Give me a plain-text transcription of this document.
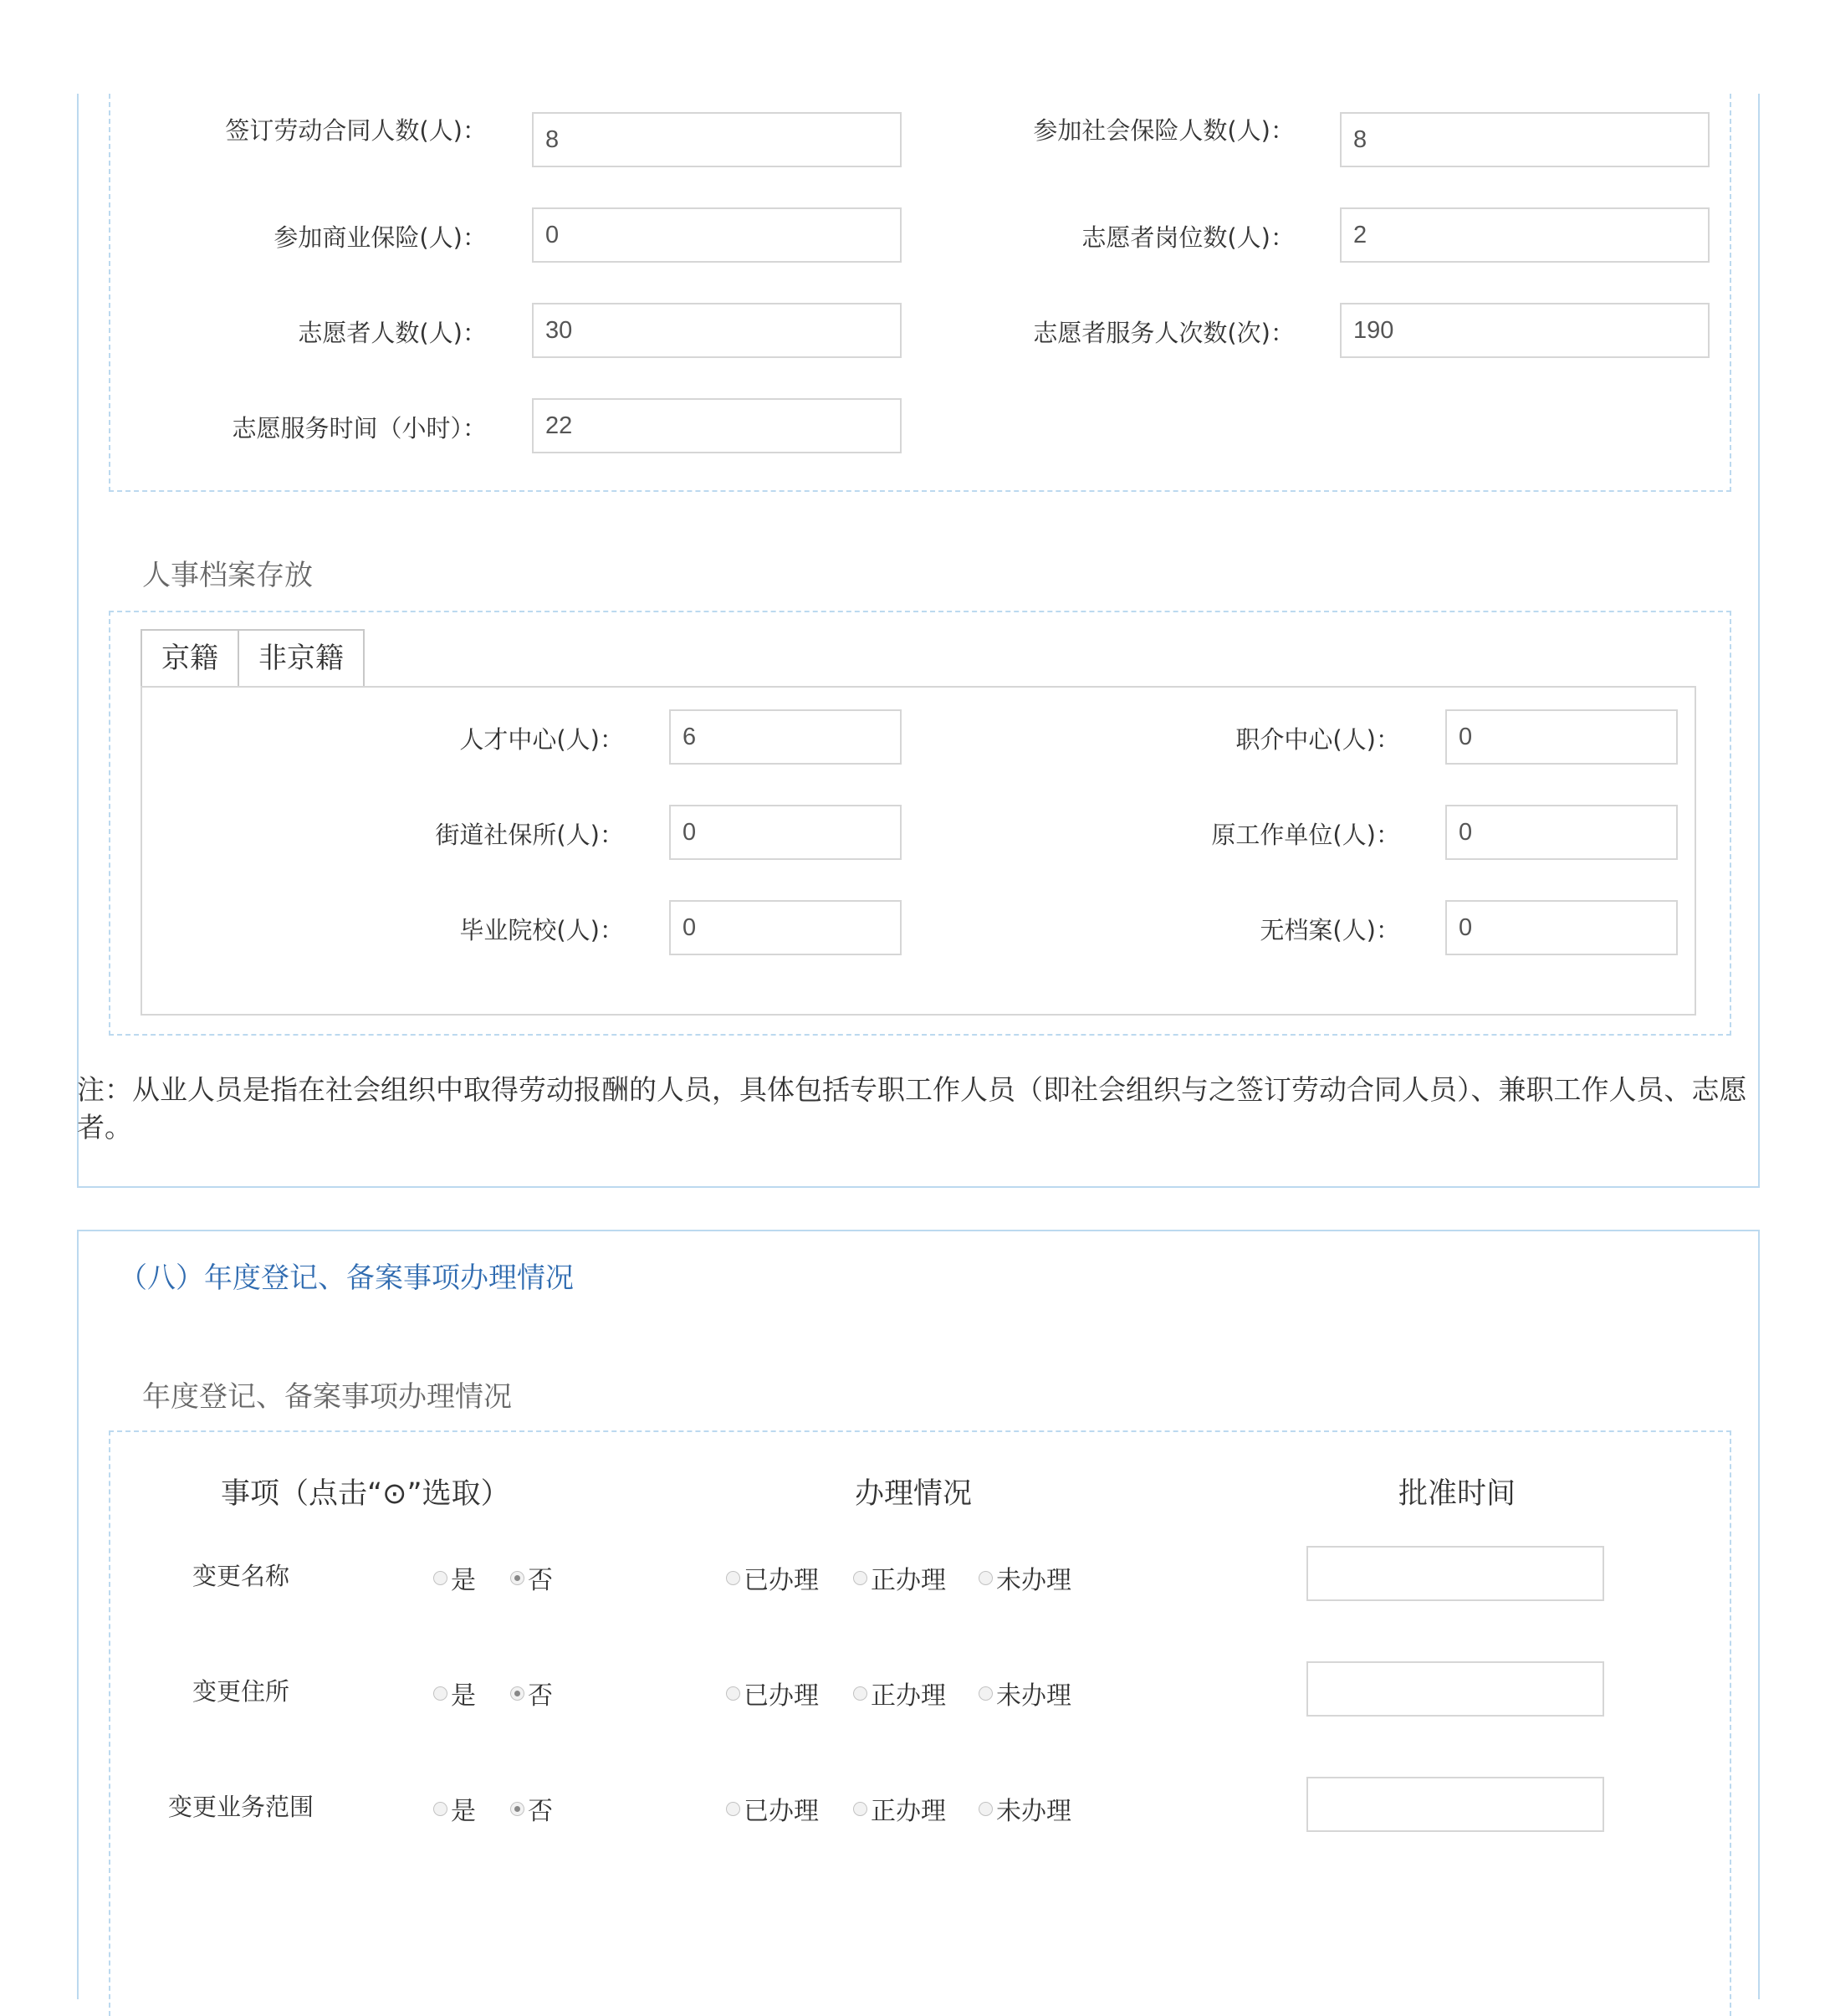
签订劳动合同人数(人)：	8	参加社会保险人数(人)：	8
参加商业保险(人)：	0	志愿者岗位数(人)：	2
志愿者人数(人)：	30	志愿者服务人次数(次)：	190
志愿服务时间（小时）：	22
人事档案存放
京籍	非京籍
人才中心(人)：	6	职介中心(人)：	0
街道社保所(人)：	0	原工作单位(人)：	0
毕业院校(人)：	0	无档案(人)：	0
注：从业人员是指在社会组织中取得劳动报酬的人员，具体包括专职工作人员（即社会组织与之签订劳动合同人员）、兼职工作人员、志愿者。
（八）年度登记、备案事项办理情况
年度登记、备案事项办理情况
事项（点击“⊙”选取）	办理情况	批准时间
变更名称	是 否	已办理 正办理 未办理
变更住所	是 否	已办理 正办理 未办理
变更业务范围	是 否	已办理 正办理 未办理
